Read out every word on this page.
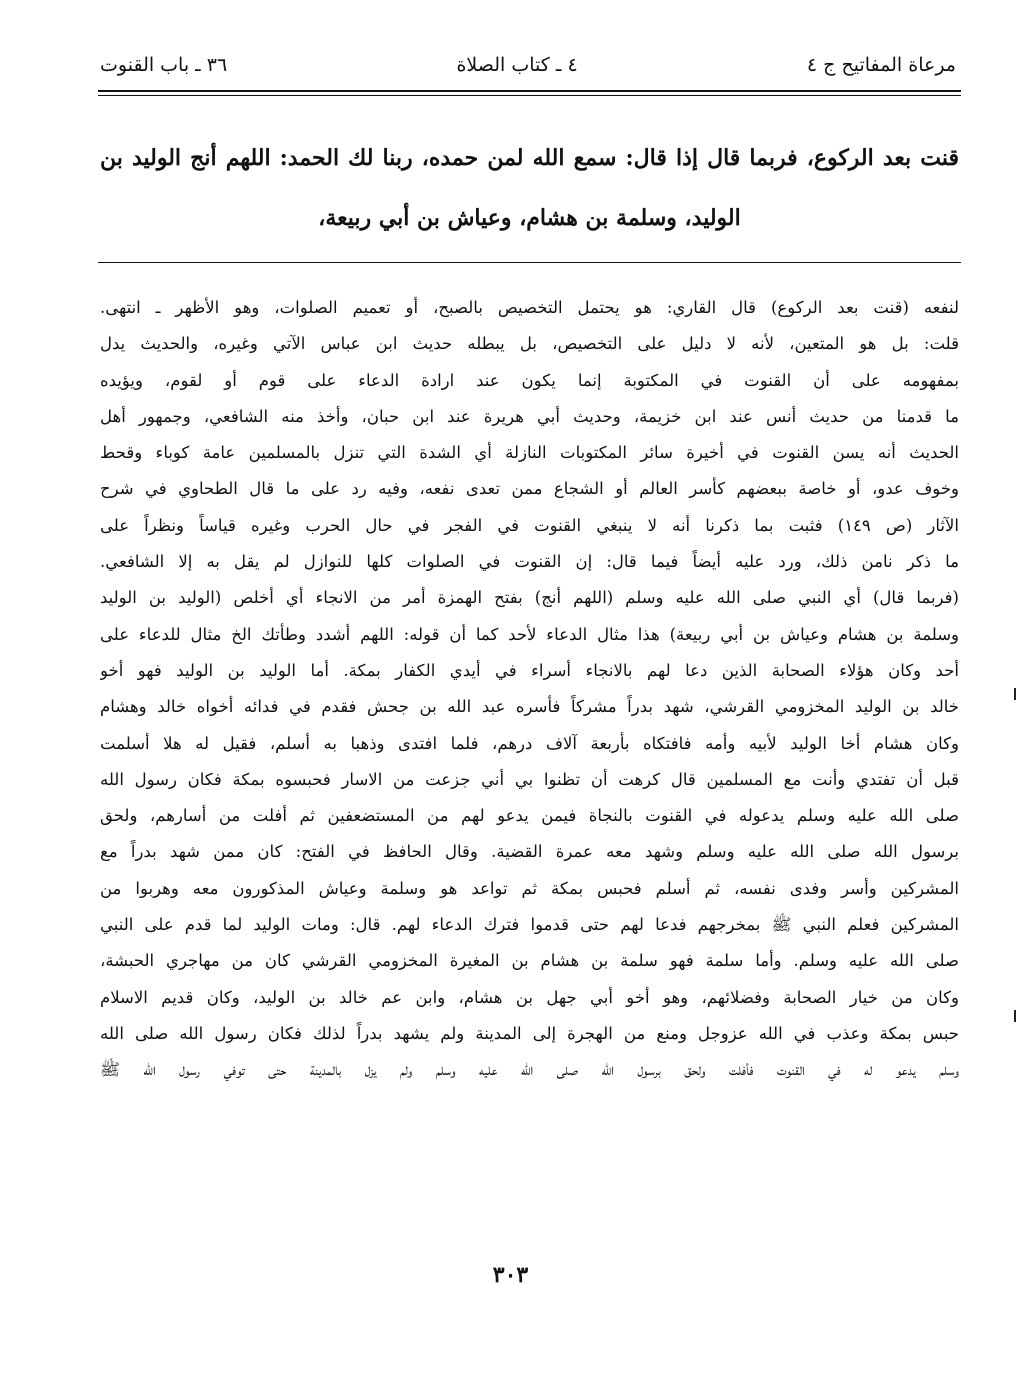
مرعاة المفاتيح ج ٤
٤ ـ كتاب الصلاة
٣٦ ـ باب القنوت
قنت بعد الركوع، فربما قال إذا قال: سمع الله لمن حمده، ربنا لك الحمد: اللهم أنج الوليد بن الوليد، وسلمة بن هشام، وعياش بن أبي ربيعة،
لنفعه (قنت بعد الركوع) قال القاري: هو يحتمل التخصيص بالصبح، أو تعميم الصلوات، وهو الأظهر ـ انتهى.
قلت: بل هو المتعين، لأنه لا دليل على التخصيص، بل يبطله حديث ابن عباس الآتي وغيره، والحديث يدل
بمفهومه على أن القنوت في المكتوبة إنما يكون عند ارادة الدعاء على قوم أو لقوم، ويؤيده
ما قدمنا من حديث أنس عند ابن خزيمة، وحديث أبي هريرة عند ابن حبان، وأخذ منه الشافعي، وجمهور أهل
الحديث أنه يسن القنوت في أخيرة سائر المكتوبات النازلة أي الشدة التي تنزل بالمسلمين عامة كوباء وقحط
وخوف عدو، أو خاصة ببعضهم كأسر العالم أو الشجاع ممن تعدى نفعه، وفيه رد على ما قال الطحاوي في شرح
الآثار (ص ١٤٩) فثبت بما ذكرنا أنه لا ينبغي القنوت في الفجر في حال الحرب وغيره قياساً ونظراً على
ما ذكر نامن ذلك، ورد عليه أيضاً فيما قال: إن القنوت في الصلوات كلها للنوازل لم يقل به إلا الشافعي.
(فربما قال) أي النبي صلى الله عليه وسلم (اللهم أنج) بفتح الهمزة أمر من الانجاء أي أخلص (الوليد بن الوليد
وسلمة بن هشام وعياش بن أبي ربيعة) هذا مثال الدعاء لأحد كما أن قوله: اللهم أشدد وطأتك الخ مثال للدعاء على
أحد وكان هؤلاء الصحابة الذين دعا لهم بالانجاء أسراء في أيدي الكفار بمكة. أما الوليد بن الوليد فهو أخو
خالد بن الوليد المخزومي القرشي، شهد بدراً مشركاً فأسره عبد الله بن جحش فقدم في فدائه أخواه خالد وهشام
وكان هشام أخا الوليد لأبيه وأمه فافتكاه بأربعة آلاف درهم، فلما افتدى وذهبا به أسلم، فقيل له هلا أسلمت
قبل أن تفتدي وأنت مع المسلمين قال كرهت أن تظنوا بي أني جزعت من الاسار فحبسوه بمكة فكان رسول الله
صلى الله عليه وسلم يدعوله في القنوت بالنجاة فيمن يدعو لهم من المستضعفين ثم أفلت من أسارهم، ولحق
برسول الله صلى الله عليه وسلم وشهد معه عمرة القضية. وقال الحافظ في الفتح: كان ممن شهد بدراً مع
المشركين وأسر وفدى نفسه، ثم أسلم فحبس بمكة ثم تواعد هو وسلمة وعياش المذكورون معه وهربوا من
المشركين فعلم النبي ﷺ بمخرجهم فدعا لهم حتى قدموا فترك الدعاء لهم. قال: ومات الوليد لما قدم على النبي
صلى الله عليه وسلم. وأما سلمة فهو سلمة بن هشام بن المغيرة المخزومي القرشي كان من مهاجري الحبشة،
وكان من خيار الصحابة وفضلائهم، وهو أخو أبي جهل بن هشام، وابن عم خالد بن الوليد، وكان قديم الاسلام
حبس بمكة وعذب في الله عزوجل ومنع من الهجرة إلى المدينة ولم يشهد بدراً لذلك فكان رسول الله صلى الله
وسلم يدعو له في القنوت فأفلت ولحق برسول الله صلى الله عليه وسلم ولم يزل بالمدينة حتى توفي رسول الله ﷺ
٣٠٣
